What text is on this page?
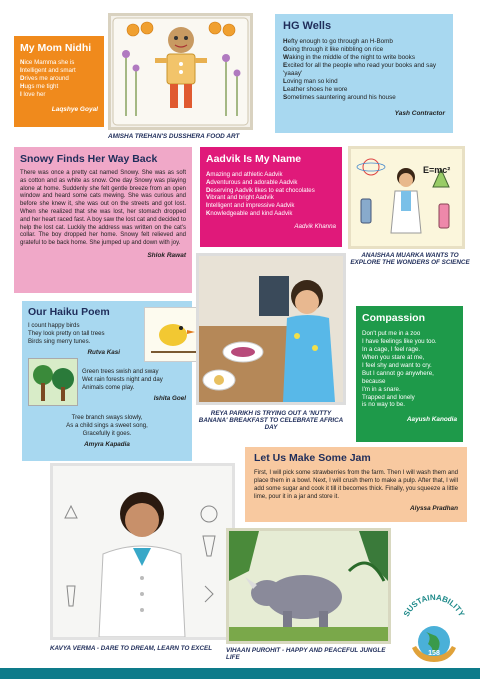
My Mom Nidhi
Nice Mamma she is
Intelligent and smart
Drives me around
Hugs me tight
I love her
Laqshye Goyal
AMISHA TREHAN'S DUSSHERA FOOD ART
HG Wells
Hefty enough to go through an H-Bomb
Going through it like nibbling on rice
Waking in the middle of the night to write books
Excited for all the people who read your books and say 'yaaay'
Loving man so kind
Leather shoes he wore
Sometimes sauntering around his house
Yash Contractor
Snowy Finds Her Way Back
There was once a pretty cat named Snowy. She was as soft as cotton and as white as snow. One day Snowy was playing alone at home. Suddenly she felt gentle breeze from an open window and heard some cats mewing. She was curious and before she knew it, she was out on the streets and got lost. When she realized that she was lost, her stomach dropped and her heart raced fast. A boy saw the lost cat and decided to help the lost cat. Luckily the address was written on the cat's collar. The boy dropped her home. Snowy felt relieved and grateful to be back home. She jumped up and down with joy.
Shlok Rawat
Aadvik Is My Name
Amazing and athletic Aadvik
Adventurous and adorable Aadvik
Deserving Aadvik likes to eat chocolates
Vibrant and bright Aadvik
Intelligent and impressive Aadvik
Knowledgeable and kind Aadvik
Aadvik Khanna
E=mc²
ANAISHAA MUARKA WANTS TO EXPLORE THE WONDERS OF SCIENCE
Our Haiku Poem
I count happy birds
They look pretty on tall trees
Birds sing merry tunes.
Rutva Kasi
Green trees swish and sway
Wet rain forests night and day
Animals come play.
Ishita Goel
Tree branch sways slowly,
As a child sings a sweet song,
Gracefully it goes.
Amyra Kapadia
REYA PARIKH IS TRYING OUT A 'NUTTY BANANA' BREAKFAST TO CELEBRATE AFRICA DAY
Compassion
Don't put me in a zoo
I have feelings like you too.
In a cage, I feel rage.
When you stare at me,
I feel shy and want to cry.
But I cannot go anywhere,
because
I'm in a snare.
Trapped and lonely
is no way to be.
Aayush Kanodia
Let Us Make Some Jam
First, I will pick some strawberries from the farm. Then I will wash them and place them in a bowl. Next, I will crush them to make a pulp. After that, I will add some sugar and cook it till it becomes thick. Finally, you squeeze a little lime, pour it in a jar and store it.
Alyssa Pradhan
KAVYA VERMA - DARE TO DREAM, LEARN TO EXCEL	VIHAAN PUROHIT - HAPPY AND PEACEFUL JUNGLE LIFE
SUSTAINABILITY
158
